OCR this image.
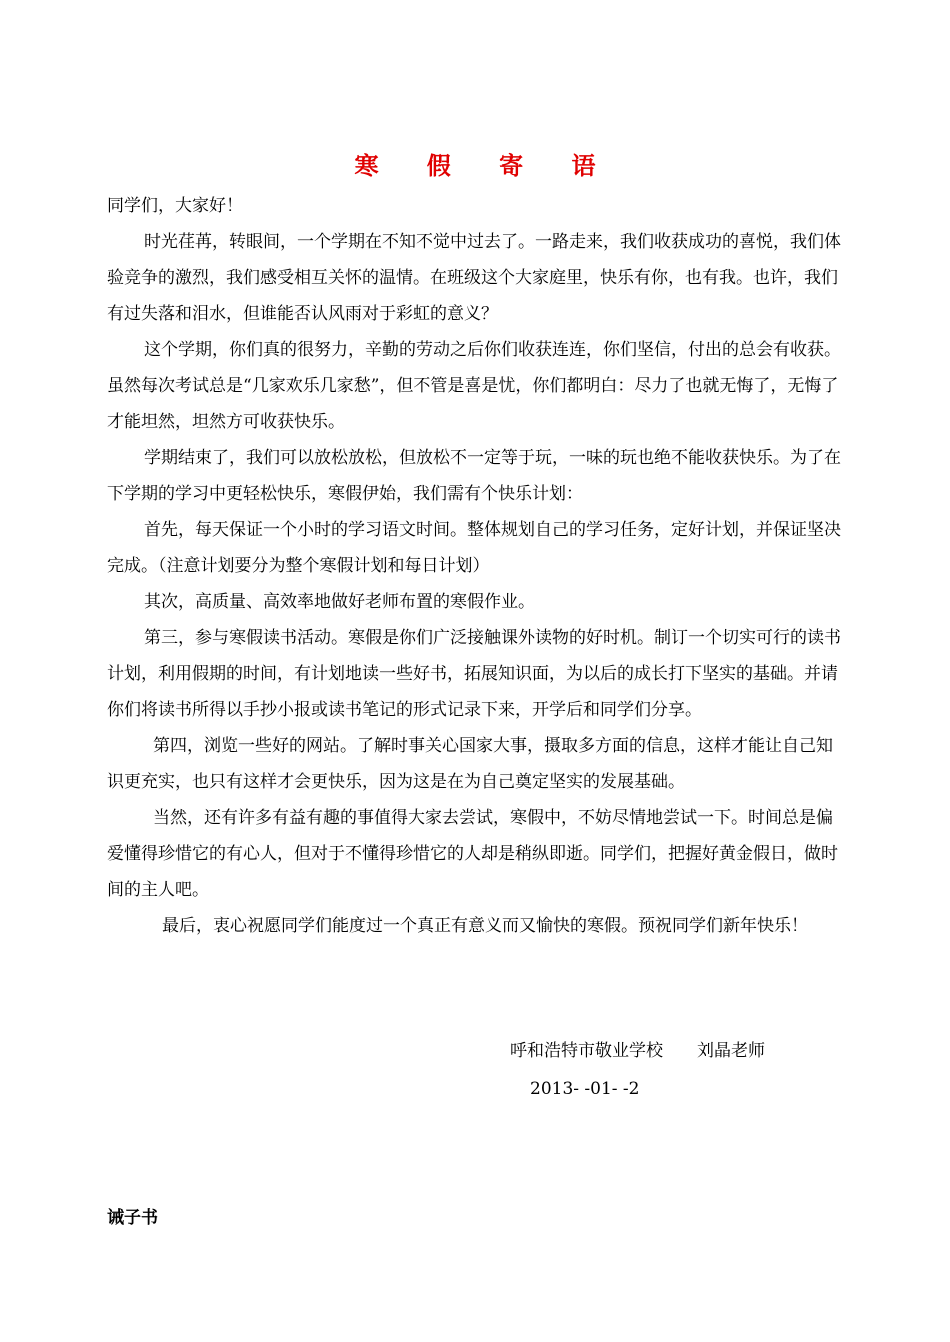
寒 假 寄 语

同学们，大家好！

时光荏苒，转眼间，一个学期在不知不觉中过去了。一路走来，我们收获成功的喜悦，我们体验竞争的激烈，我们感受相互关怀的温情。在班级这个大家庭里，快乐有你，也有我。也许，我们有过失落和泪水，但谁能否认风雨对于彩虹的意义？

这个学期，你们真的很努力，辛勤的劳动之后你们收获连连，你们坚信，付出的总会有收获。虽然每次考试总是“几家欢乐几家愁”，但不管是喜是忧，你们都明白：尽力了也就无悔了，无悔了才能坦然，坦然方可收获快乐。

学期结束了，我们可以放松放松，但放松不一定等于玩，一味的玩也绝不能收获快乐。为了在下学期的学习中更轻松快乐，寒假伊始，我们需有个快乐计划：

首先，每天保证一个小时的学习语文时间。整体规划自己的学习任务，定好计划，并保证坚决完成。（注意计划要分为整个寒假计划和每日计划）

其次，高质量、高效率地做好老师布置的寒假作业。

第三，参与寒假读书活动。寒假是你们广泛接触课外读物的好时机。制订一个切实可行的读书计划，利用假期的时间，有计划地读一些好书，拓展知识面，为以后的成长打下坚实的基础。并请你们将读书所得以手抄小报或读书笔记的形式记录下来，开学后和同学们分享。

第四，浏览一些好的网站。了解时事关心国家大事，摄取多方面的信息，这样才能让自己知识更充实，也只有这样才会更快乐，因为这是在为自己奠定坚实的发展基础。

当然，还有许多有益有趣的事值得大家去尝试，寒假中，不妨尽情地尝试一下。时间总是偏爱懂得珍惜它的有心人，但对于不懂得珍惜它的人却是稍纵即逝。同学们，把握好黄金假日，做时间的主人吧。

最后，衷心祝愿同学们能度过一个真正有意义而又愉快的寒假。预祝同学们新年快乐！

呼和浩特市敬业学校　　刘晶老师
2013- -01- -2
诫子书
